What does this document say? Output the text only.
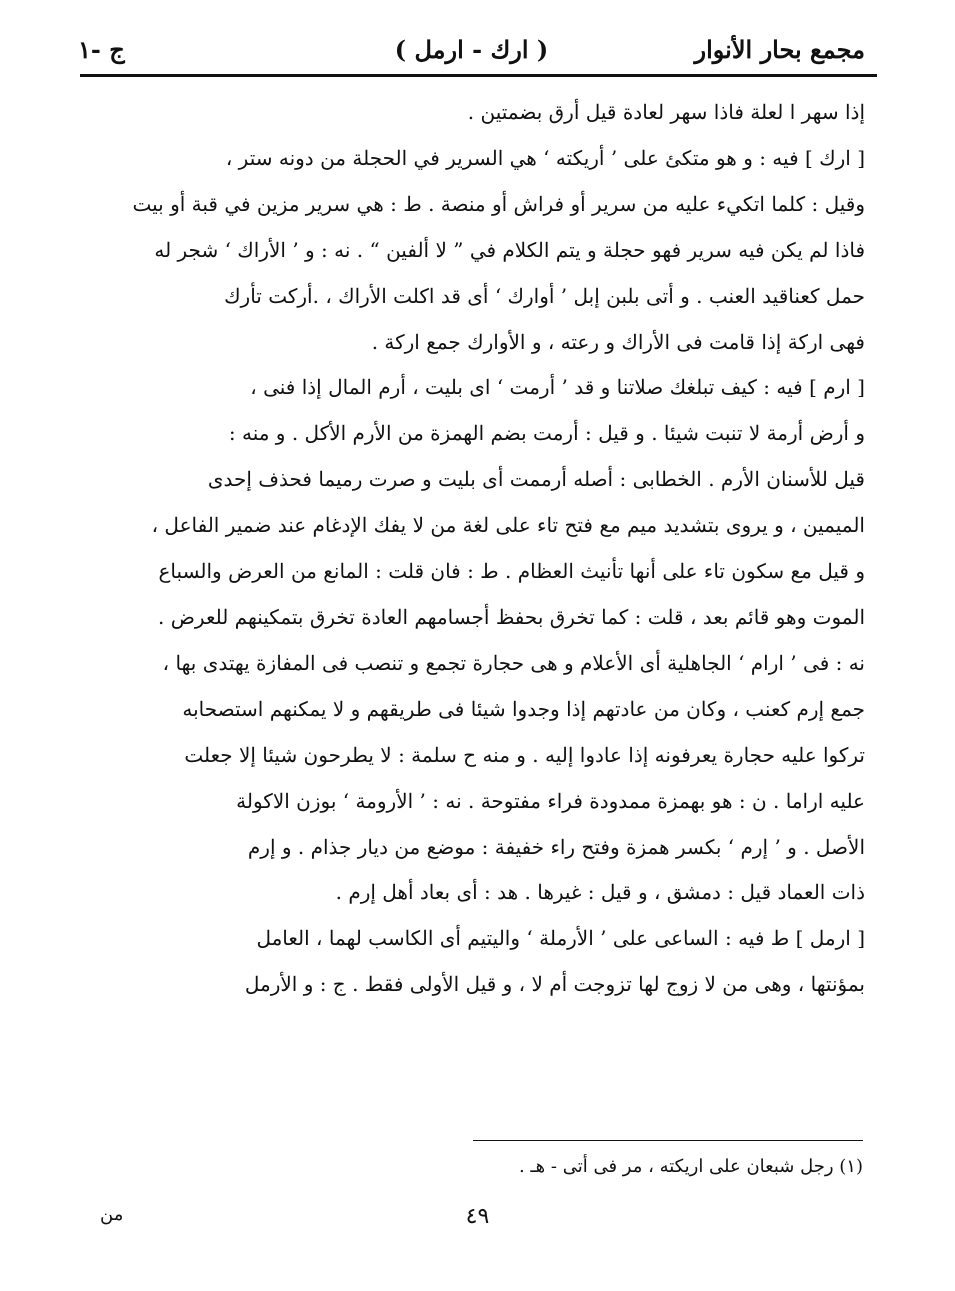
مجمع بحار الأنوار
( ارك - ارمل )
ج -١

إذا سهر ا لعلة فاذا سهر لعادة قيل أرق بضمتين .

[ ارك ] فيه : و هو متكئ على ’ أريكته ‘ هي السرير في الحجلة من دونه ستر ،

وقيل : كلما اتكيء عليه من سرير أو فراش أو منصة . ط : هي سرير مزين في قبة أو بيت

فاذا لم يكن فيه سرير فهو حجلة و يتم الكلام في ” لا ألفين “ . نه : و ’ الأراك ‘ شجر له

حمل كعناقيد العنب . و أتى بلبن إبل ’ أوارك ‘ أى قد اكلت الأراك ، .أركت تأرك

فهى اركة إذا قامت فى الأراك و رعته ، و الأوارك جمع اركة .

[ ارم ] فيه : كيف تبلغك صلاتنا و قد ’ أرمت ‘ اى بليت ، أرم المال إذا فنى ،

و أرض أرمة لا تنبت شيئا . و قيل : أرمت بضم الهمزة من الأرم الأكل . و منه :

قيل للأسنان الأرم . الخطابى : أصله أرممت أى بليت و صرت رميما فحذف إحدى

الميمين ، و يروى بتشديد ميم مع فتح تاء على لغة من لا يفك الإدغام عند ضمير الفاعل ،

و قيل مع سكون تاء على أنها تأنيث العظام . ط : فان قلت : المانع من العرض والسباع

الموت وهو قائم بعد ، قلت : كما تخرق بحفظ أجسامهم العادة تخرق بتمكينهم للعرض .

نه : فى ’ ارام ‘ الجاهلية أى الأعلام و هى حجارة تجمع و تنصب فى المفازة يهتدى بها ،

جمع إرم كعنب ، وكان من عادتهم إذا وجدوا شيئا فى طريقهم و لا يمكنهم استصحابه

تركوا عليه حجارة يعرفونه إذا عادوا إليه . و منه ح سلمة : لا يطرحون شيئا إلا جعلت

عليه اراما . ن : هو بهمزة ممدودة فراء مفتوحة . نه : ’ الأرومة ‘ بوزن الاكولة

الأصل . و ’ إرم ‘ بكسر همزة وفتح راء خفيفة : موضع من ديار جذام . و إرم

ذات العماد قيل : دمشق ، و قيل : غيرها . هد : أى بعاد أهل إرم .

[ ارمل ] ط فيه : الساعى على ’ الأرملة ‘ واليتيم أى الكاسب لهما ، العامل

بمؤنتها ، وهى من لا زوج لها تزوجت أم لا ، و قيل الأولى فقط . ج : و الأرمل

(١) رجل شبعان على اريكته ، مر فى أتى - هـ .
٤٩
من
